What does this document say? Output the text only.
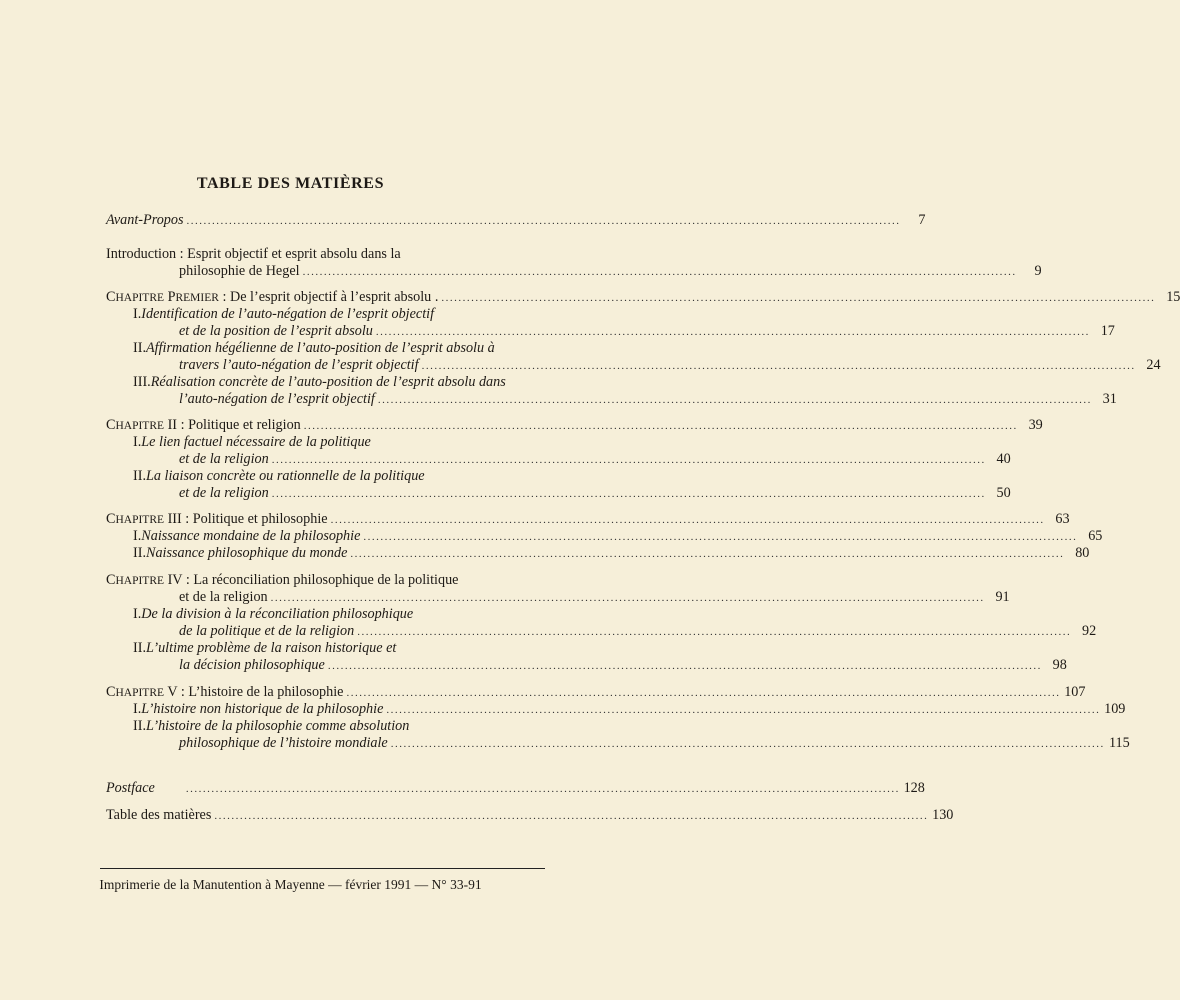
TABLE DES MATIÈRES
Avant-Propos ........................................................................................................................................................................	7
Introduction : Esprit objectif et esprit absolu dans la
philosophie de Hegel ........................................................................................................................................................................	9
CHAPITRE PREMIER : De l’esprit objectif à l’esprit absolu . ........................................................................................................................................................................ 15
I. Identification de l’auto-négation de l’esprit objectif
et de la position de l’esprit absolu ........................................................................................................................................................................ 17
II. Affirmation hégélienne de l’auto-position de l’esprit absolu à
travers l’auto-négation de l’esprit objectif ........................................................................................................................................................................ 24
III. Réalisation concrète de l’auto-position de l’esprit absolu dans
l’auto-négation de l’esprit objectif ........................................................................................................................................................................ 31
CHAPITRE II : Politique et religion ........................................................................................................................................................................ 39
I. Le lien factuel nécessaire de la politique
et de la religion ........................................................................................................................................................................ 40
II. La liaison concrète ou rationnelle de la politique
et de la religion ........................................................................................................................................................................ 50
CHAPITRE III : Politique et philosophie ........................................................................................................................................................................ 63
I. Naissance mondaine de la philosophie ........................................................................................................................................................................ 65
II. Naissance philosophique du monde ........................................................................................................................................................................ 80
CHAPITRE IV : La réconciliation philosophique de la politique
et de la religion ........................................................................................................................................................................ 91
I. De la division à la réconciliation philosophique
de la politique et de la religion ........................................................................................................................................................................ 92
II. L’ultime problème de la raison historique et
la décision philosophique ........................................................................................................................................................................ 98
CHAPITRE V : L’histoire de la philosophie ........................................................................................................................................................................ 107
I. L’histoire non historique de la philosophie ........................................................................................................................................................................ 109
II. L’histoire de la philosophie comme absolution
philosophique de l’histoire mondiale ........................................................................................................................................................................ 115
Postface	........................................................................................................................................................................ 128
Table des matières ........................................................................................................................................................................ 130
Imprimerie de la Manutention à Mayenne — février 1991 — N° 33-91
